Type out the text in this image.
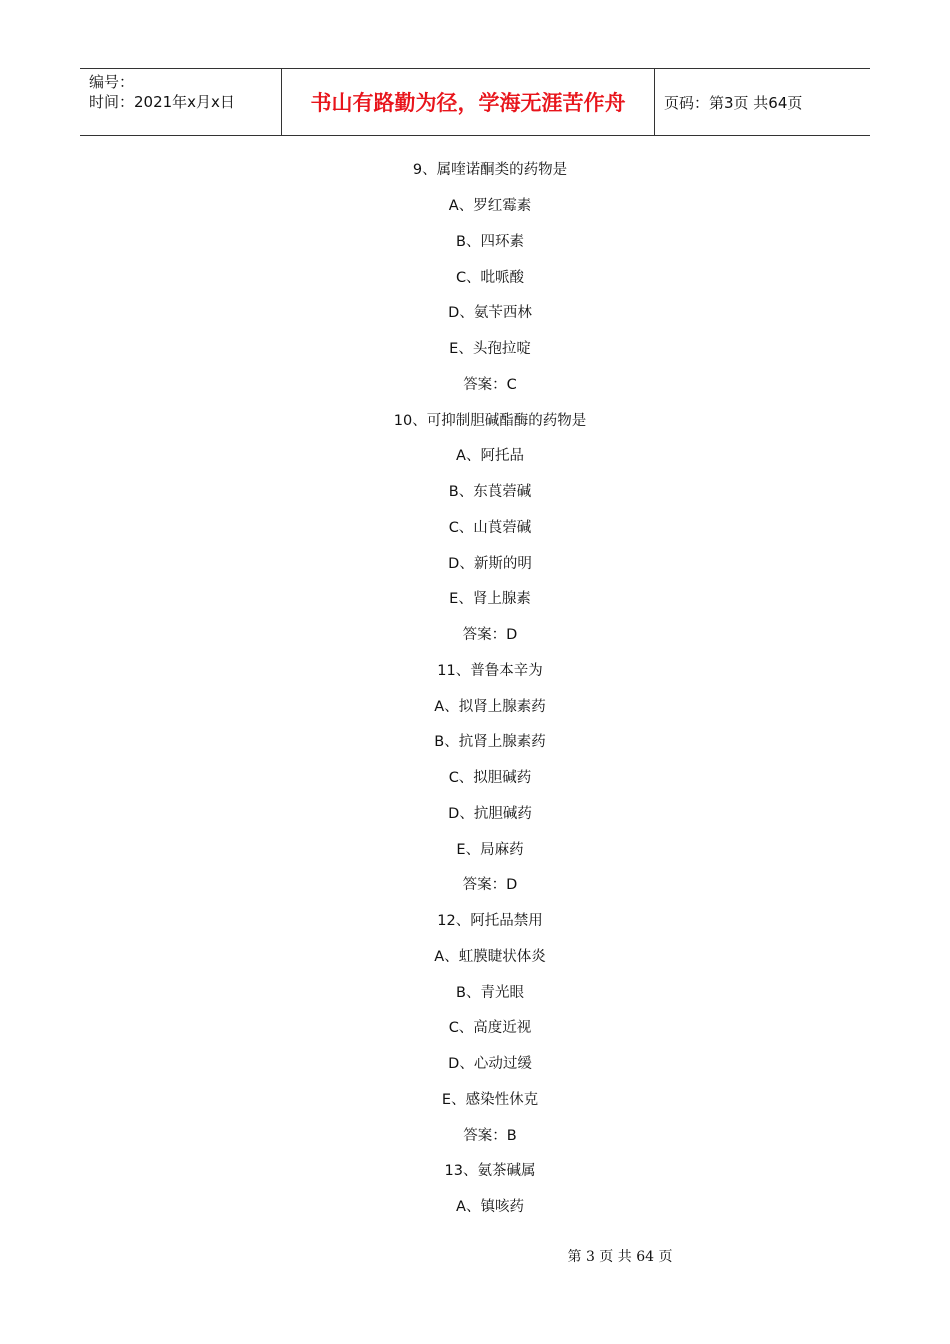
编号：
时间：2021年x月x日	书山有路勤为径，学海无涯苦作舟	页码：第3页 共64页
9、属喹诺酮类的药物是
A、罗红霉素
B、四环素
C、吡哌酸
D、氨苄西林
E、头孢拉啶
答案：C
10、可抑制胆碱酯酶的药物是
A、阿托品
B、东莨菪碱
C、山莨菪碱
D、新斯的明
E、肾上腺素
答案：D
11、普鲁本辛为
A、拟肾上腺素药
B、抗肾上腺素药
C、拟胆碱药
D、抗胆碱药
E、局麻药
答案：D
12、阿托品禁用
A、虹膜睫状体炎
B、青光眼
C、高度近视
D、心动过缓
E、感染性休克
答案：B
13、氨茶碱属
A、镇咳药
第 3 页 共 64 页
